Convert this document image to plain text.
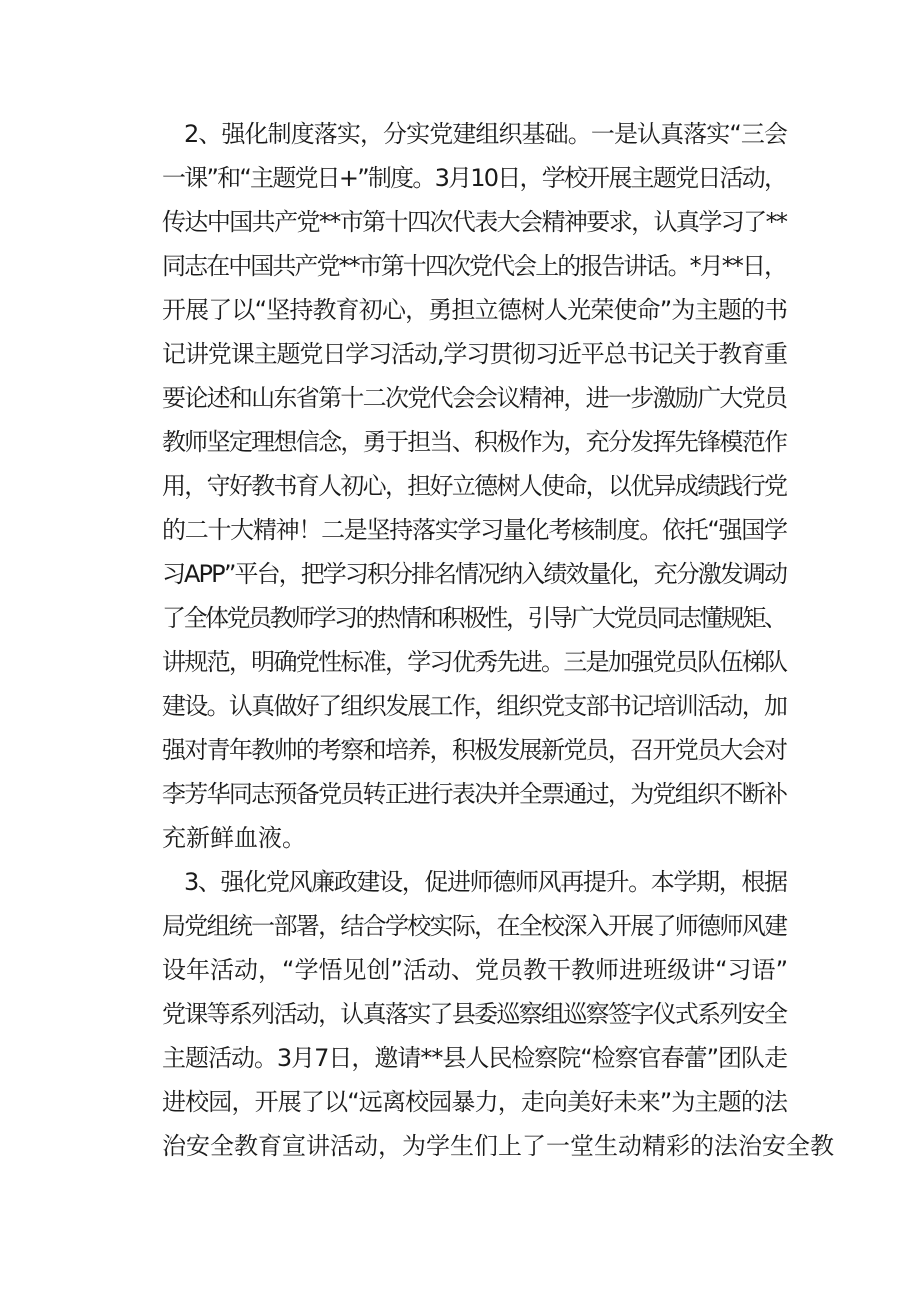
2、强化制度落实，分实党建组织基础。一是认真落实“三会

一课”和“主题党日+”制度。3月10日，学校开展主题党日活动，

传达中国共产党**市第十四次代表大会精神要求，认真学习了**

同志在中国共产党**市第十四次党代会上的报告讲话。*月**日，

开展了以“坚持教育初心，勇担立德树人光荣使命”为主题的书

记讲党课主题党日学习活动,学习贯彻习近平总书记关于教育重

要论述和山东省第十二次党代会会议精神，进一步激励广大党员

教师坚定理想信念，勇于担当、积极作为，充分发挥先锋模范作

用，守好教书育人初心，担好立德树人使命，以优异成绩践行党

的二十大精神！二是坚持落实学习量化考核制度。依托“强国学

习APP”平台，把学习积分排名情况纳入绩效量化，充分激发调动

了全体党员教师学习的热情和积极性，引导广大党员同志懂规矩、

讲规范，明确党性标准，学习优秀先进。三是加强党员队伍梯队

建设。认真做好了组织发展工作，组织党支部书记培训活动，加

强对青年教帅的考察和培养，积极发展新党员，召开党员大会对

李芳华同志预备党员转正进行表决并全票通过，为党组织不断补

充新鲜血液。

3、强化党风廉政建设，促进师德师风再提升。本学期，根据

局党组统一部署，结合学校实际，在全校深入开展了师德师风建

设年活动，“学悟见创”活动、党员教干教师进班级讲“习语”

党课等系列活动，认真落实了县委巡察组巡察签字仪式系列安全

主题活动。3月7日，邀请**县人民检察院“检察官春蕾”团队走

进校园，开展了以“远离校园暴力，走向美好未来”为主题的法

治安全教育宣讲活动，为学生们上了一堂生动精彩的法治安全教
